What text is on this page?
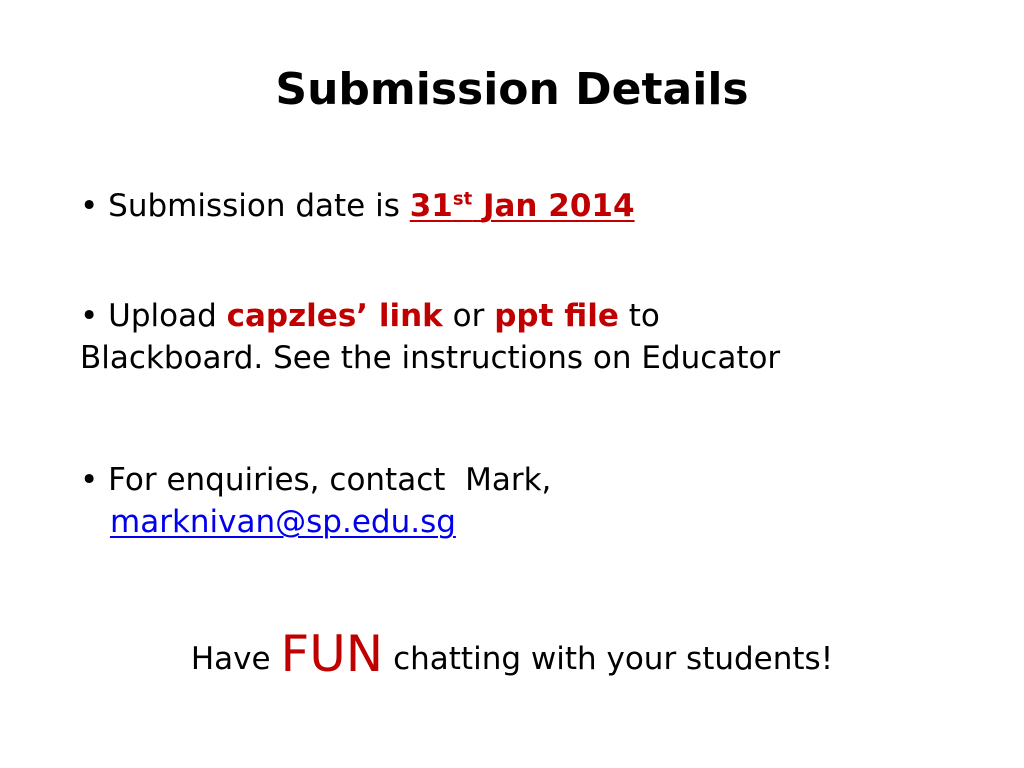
Submission Details
• Submission date is 31st Jan 2014
• Upload capzles’ link or ppt file to
Blackboard. See the instructions on Educator
• For enquiries, contact  Mark,
marknivan@sp.edu.sg
Have FUN chatting with your students!
